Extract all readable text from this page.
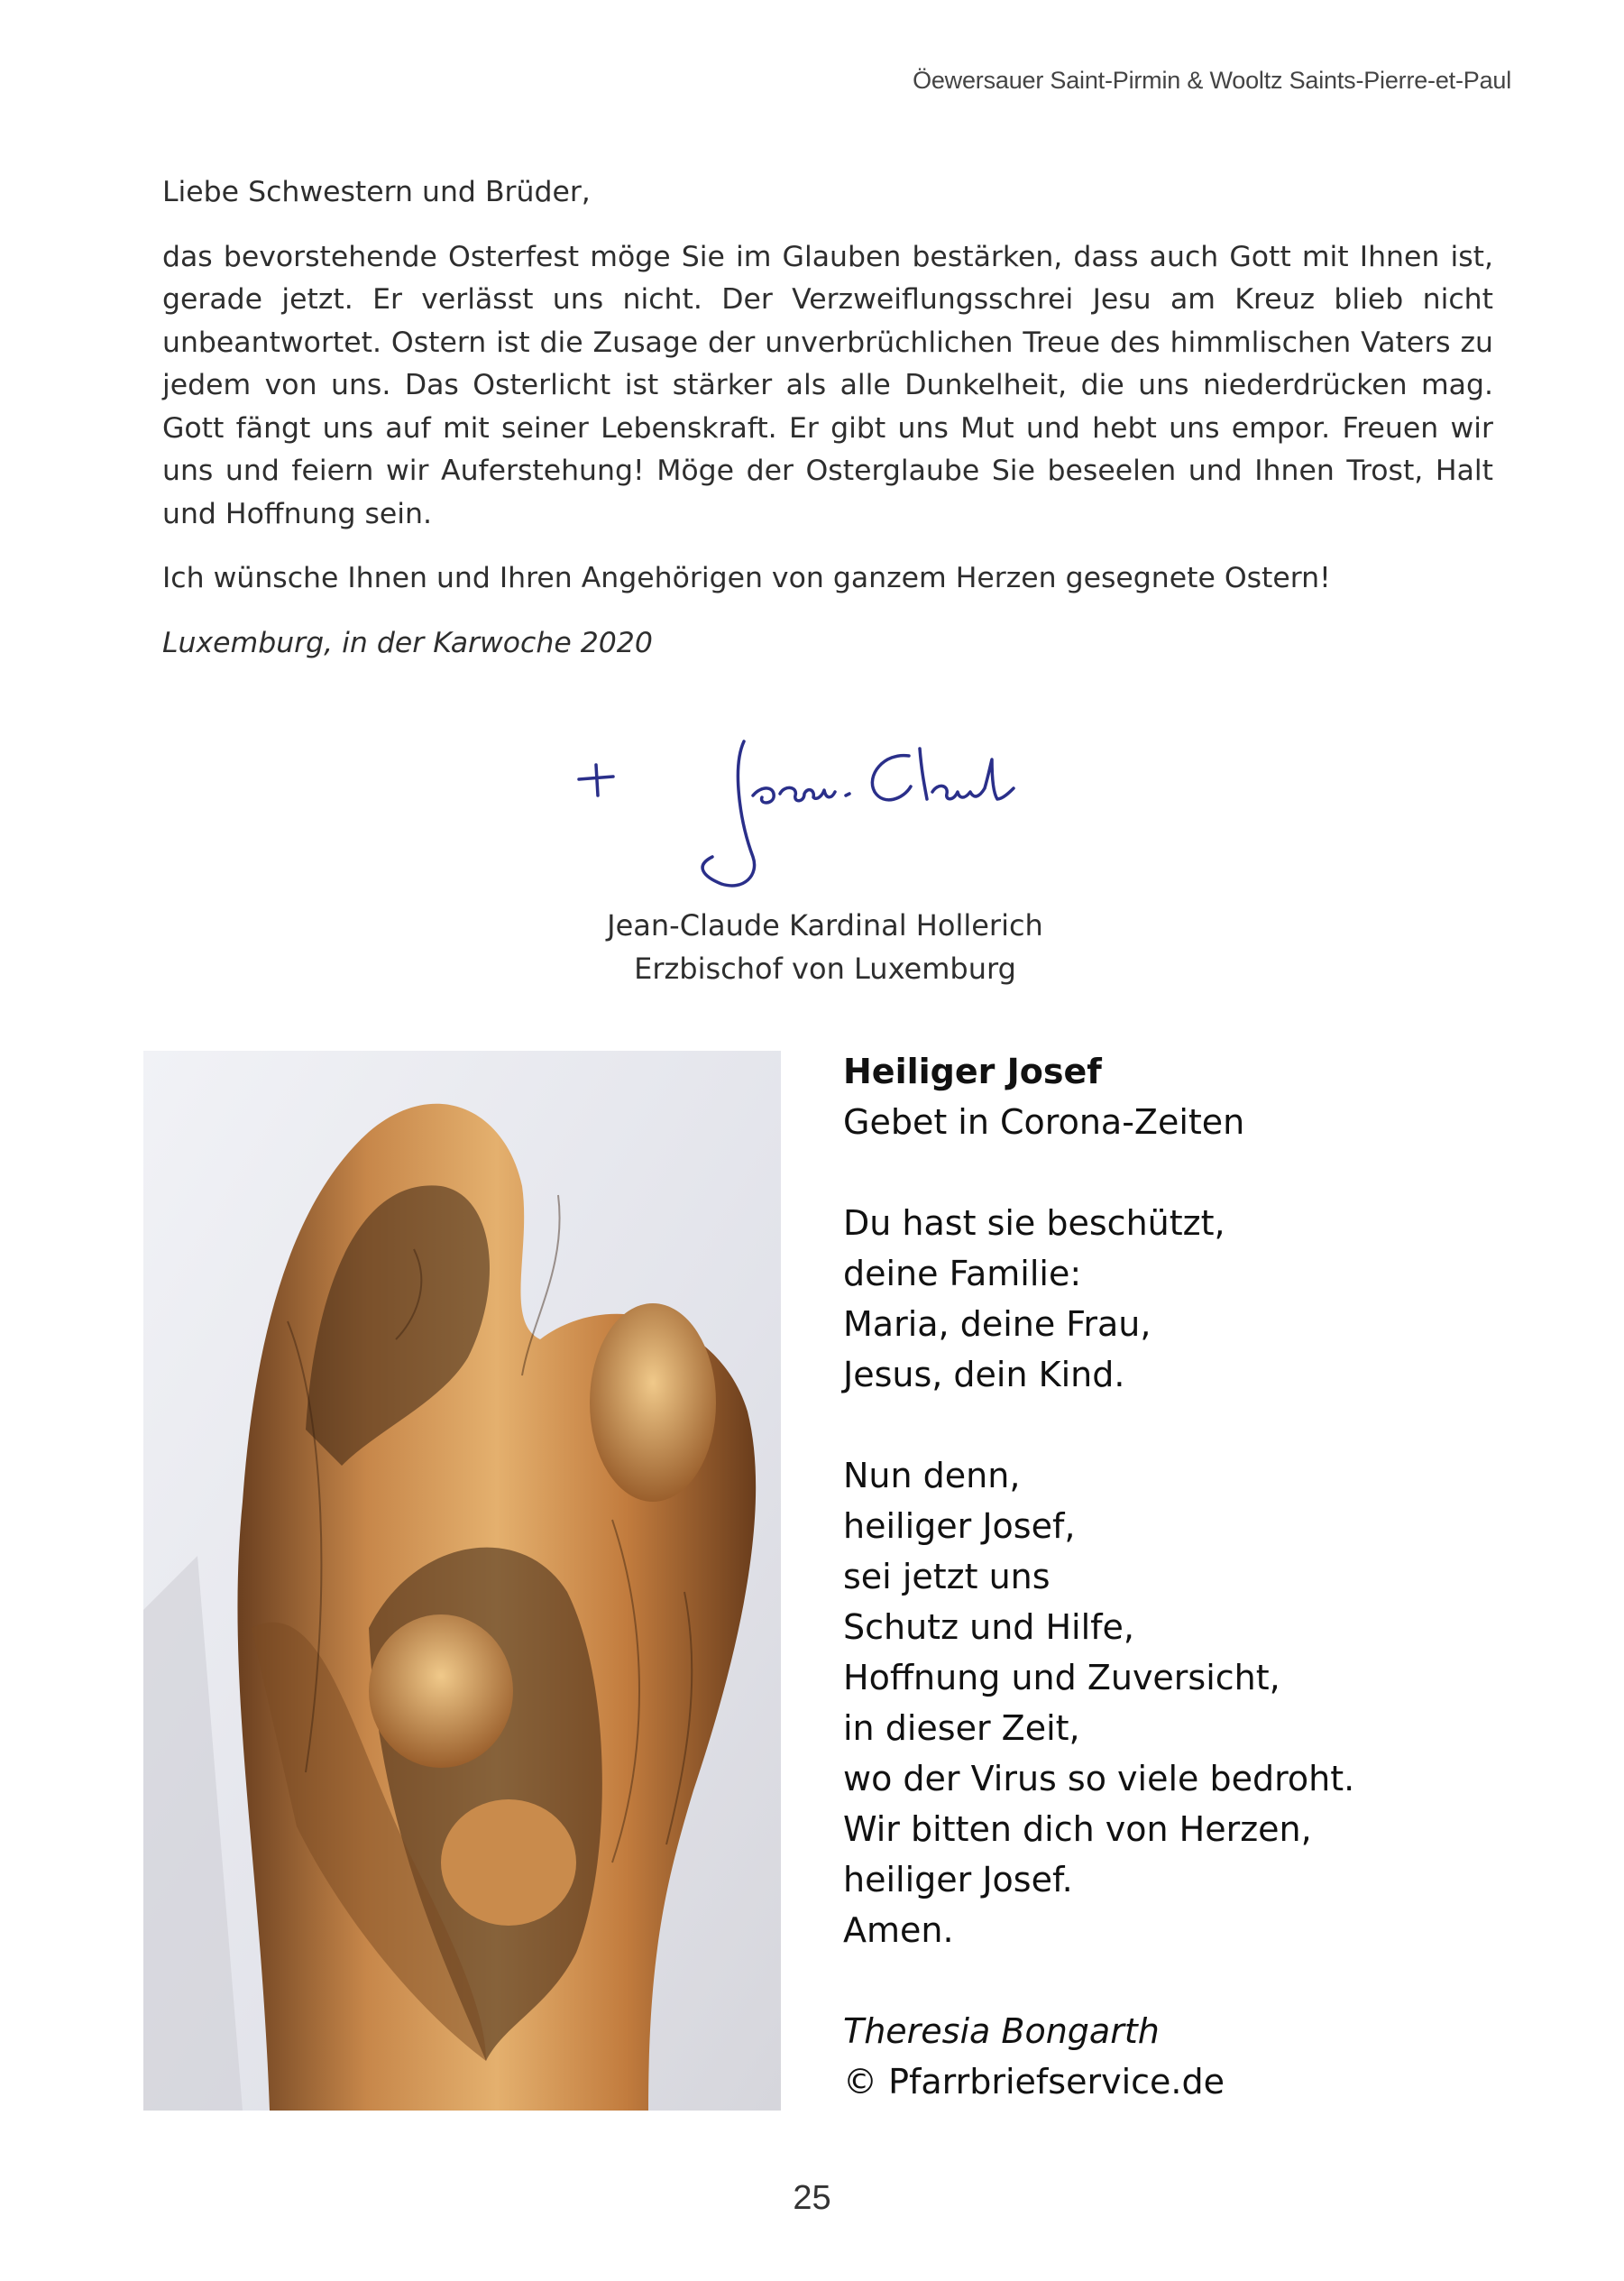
Öewersauer Saint-Pirmin & Wooltz Saints-Pierre-et-Paul

Liebe Schwestern und Brüder,

das bevorstehende Osterfest möge Sie im Glauben bestärken, dass auch Gott mit Ihnen ist, gerade jetzt. Er verlässt uns nicht. Der Verzweiflungsschrei Jesu am Kreuz blieb nicht unbeantwortet. Ostern ist die Zusage der unverbrüchlichen Treue des himmlischen Vaters zu jedem von uns. Das Osterlicht ist stärker als alle Dunkelheit, die uns niederdrücken mag. Gott fängt uns auf mit seiner Lebenskraft. Er gibt uns Mut und hebt uns empor. Freuen wir uns und feiern wir Auferstehung! Möge der Osterglaube Sie beseelen und Ihnen Trost, Halt und Hoffnung sein.

Ich wünsche Ihnen und Ihren Angehörigen von ganzem Herzen gesegnete Ostern!

Luxemburg, in der Karwoche 2020

Jean-Claude Kardinal Hollerich
Erzbischof von Luxemburg
Heiliger Josef
Gebet in Corona-Zeiten
Du hast sie beschützt,
deine Familie:
Maria, deine Frau,
Jesus, dein Kind.
Nun denn,
heiliger Josef,
sei jetzt uns
Schutz und Hilfe,
Hoffnung und Zuversicht,
in dieser Zeit,
wo der Virus so viele bedroht.
Wir bitten dich von Herzen,
heiliger Josef.
Amen.
Theresia Bongarth
© Pfarrbriefservice.de
25
